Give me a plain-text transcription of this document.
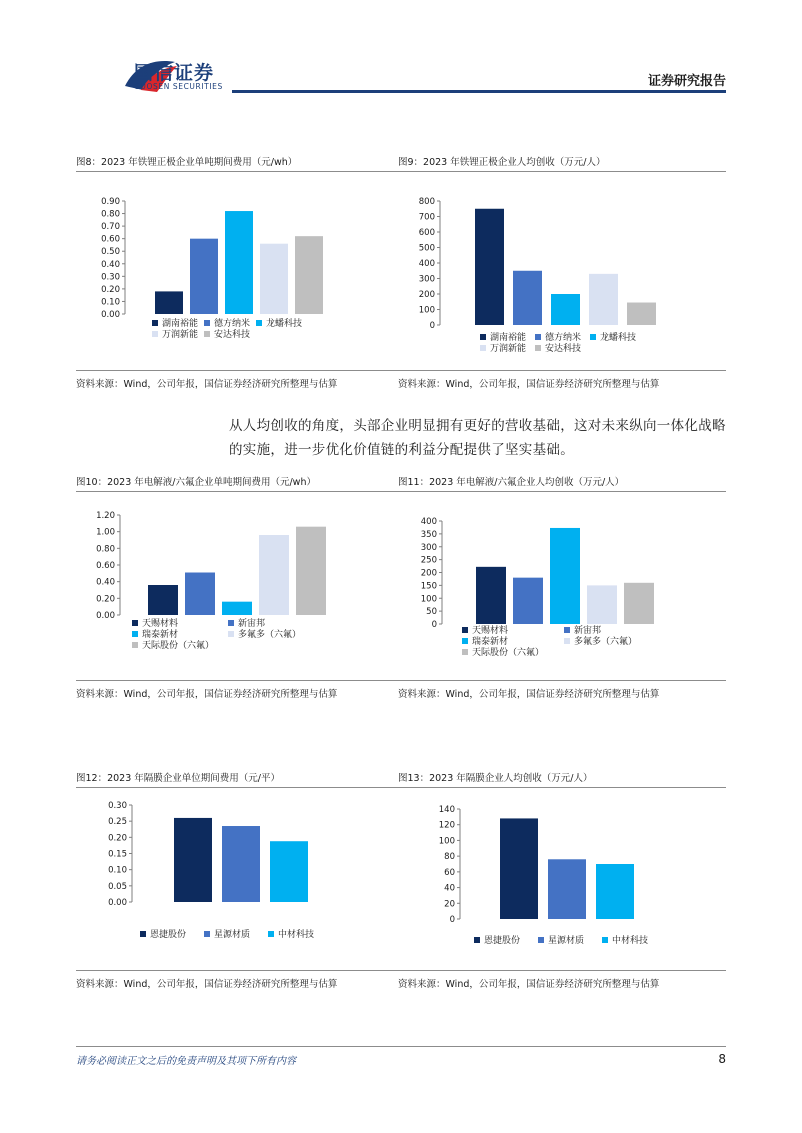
国信证券
GUOSEN SECURITIES	证券研究报告
图8：2023 年铁锂正极企业单吨期间费用（元/wh）
资料来源：Wind，公司年报，国信证券经济研究所整理与估算
0.00
0.10
0.20
0.30
0.40
0.50
0.60
0.70
0.80
0.90
湖南裕能 德方纳米 龙蟠科技
万润新能 安达科技
图9：2023 年铁锂正极企业人均创收（万元/人）
资料来源：Wind，公司年报，国信证券经济研究所整理与估算
0
100
200
300
400
500
600
700
800
湖南裕能 德方纳米 龙蟠科技
万润新能 安达科技
图10：2023 年电解液/六氟企业单吨期间费用（元/wh）
资料来源：Wind，公司年报，国信证券经济研究所整理与估算
0.00
0.20
0.40
0.60
0.80
1.00
1.20
天赐材料	新宙邦
瑞泰新材	多氟多（六氟）
天际股份（六氟）
图11：2023 年电解液/六氟企业人均创收（万元/人）
资料来源：Wind，公司年报，国信证券经济研究所整理与估算
0
50
100
150
200
250
300
350
400
天赐材料	新宙邦
瑞泰新材	多氟多（六氟）
天际股份（六氟）
图12：2023 年隔膜企业单位期间费用（元/平）
资料来源：Wind，公司年报，国信证券经济研究所整理与估算
0.00
0.05
0.10
0.15
0.20
0.25
0.30
恩捷股份	星源材质	中材科技
图13：2023 年隔膜企业人均创收（万元/人）
资料来源：Wind，公司年报，国信证券经济研究所整理与估算
0
20
40
60
80
100
120
140
恩捷股份	星源材质	中材科技
从人均创收的角度，头部企业明显拥有更好的营收基础，这对未来纵向一体化战略的实施，进一步优化价值链的利益分配提供了坚实基础。
请务必阅读正文之后的免责声明及其项下所有内容	8
